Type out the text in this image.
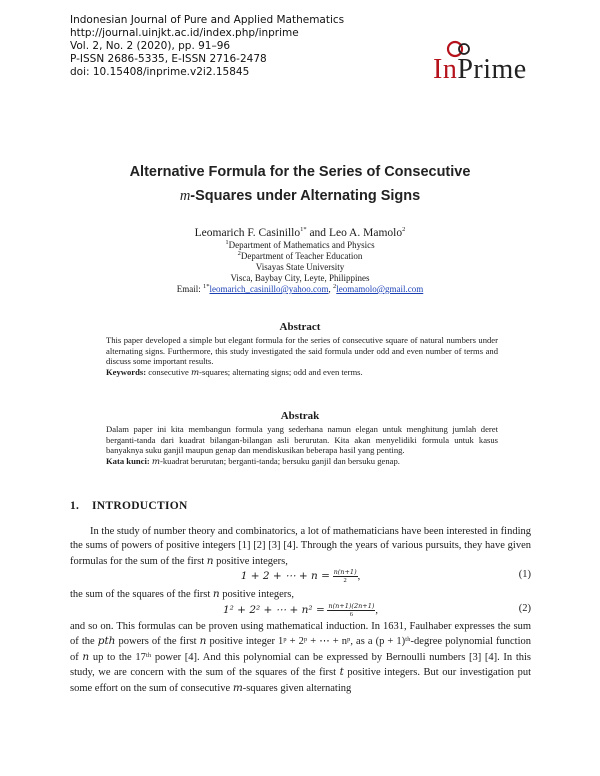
Indonesian Journal of Pure and Applied Mathematics
http://journal.uinjkt.ac.id/index.php/inprime
Vol. 2, No. 2 (2020), pp. 91–96
P-ISSN 2686-5335, E-ISSN 2716-2478
doi: 10.15408/inprime.v2i2.15845	InPrime
Alternative Formula for the Series of Consecutive
m-Squares under Alternating Signs
Leomarich F. Casinillo$^{1*}$ and Leo A. Mamolo$^2$
$^1$Department of Mathematics and Physics
$^2$Department of Teacher Education
Visayas State University
Visca, Baybay City, Leyte, Philippines
Email: $^{1*}$leomarich_casinillo@yahoo.com, $^2$leomamolo@gmail.com
Abstract
This paper developed a simple but elegant formula for the series of consecutive square of natural numbers under alternating signs. Furthermore, this study investigated the said formula under odd and even number of terms and discuss some important results.
Keywords: consecutive m-squares; alternating signs; odd and even terms.
Abstrak
Dalam paper ini kita membangun formula yang sederhana namun elegan untuk menghitung jumlah deret berganti-tanda dari kuadrat bilangan-bilangan asli berurutan. Kita akan menyelidiki formula untuk kasus banyaknya suku ganjil maupun genap dan mendiskusikan beberapa hasil yang penting.
Kata kunci: m-kuadrat berurutan; berganti-tanda; bersuku ganjil dan bersuku genap.
1. INTRODUCTION

In the study of number theory and combinatorics, a lot of mathematicians have been interested in finding the sums of powers of positive integers [1] [2] [3] [4]. Through the years of various pursuits, they have given formulas for the sum of the first n positive integers,

1 + 2 + ⋯ + $n = \frac{n(n+1)}{2}$ ,	(1)
the sum of the squares of the first n positive integers,
1² + 2² + ⋯ + $n^2 = \frac{n(n+1)(2n+1)}{6}$ ,	(2)
and so on. This formulas can be proven using mathematical induction. In 1631, Faulhaber expresses the sum of the pth powers of the first n positive integer 1ᵖ + 2ᵖ + ⋯ + nᵖ, as a (p + 1)ᵗʰ-degree polynomial function of n up to the 17ᵗʰ power [4]. And this polynomial can be expressed by Bernoulli numbers [3] [4]. In this study, we are concern with the sum of the squares of the first t positive integers. But our investigation put some effort on the sum of consecutive m-squares given alternating
